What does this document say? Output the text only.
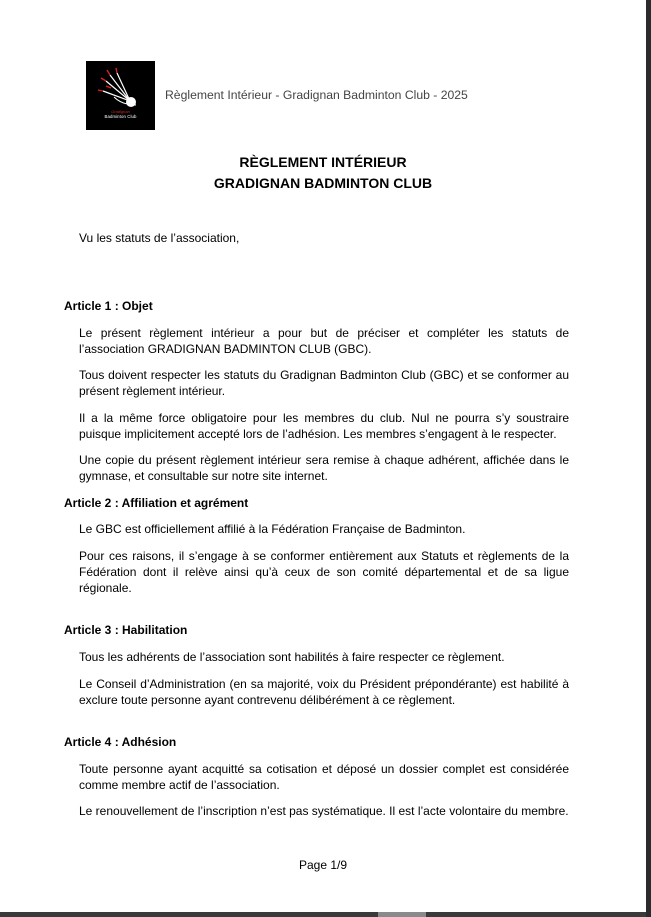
Gradignan
Badminton Club
Règlement Intérieur - Gradignan Badminton Club - 2025
RÈGLEMENT INTÉRIEUR
GRADIGNAN BADMINTON CLUB

Vu les statuts de l’association,

Article 1 : Objet

Le présent règlement intérieur a pour but de préciser et compléter les statuts de l’association GRADIGNAN BADMINTON CLUB (GBC).

Tous doivent respecter les statuts du Gradignan Badminton Club (GBC) et se conformer au présent règlement intérieur.

Il a la même force obligatoire pour les membres du club. Nul ne pourra s’y soustraire puisque implicitement accepté lors de l’adhésion. Les membres s’engagent à le respecter.

Une copie du présent règlement intérieur sera remise à chaque adhérent, affichée dans le gymnase, et consultable sur notre site internet.

Article 2 : Affiliation et agrément

Le GBC est officiellement affilié à la Fédération Française de Badminton.

Pour ces raisons, il s’engage à se conformer entièrement aux Statuts et règlements de la Fédération dont il relève ainsi qu’à ceux de son comité départemental et de sa ligue régionale.

Article 3 : Habilitation

Tous les adhérents de l’association sont habilités à faire respecter ce règlement.

Le Conseil d’Administration (en sa majorité, voix du Président prépondérante) est habilité à exclure toute personne ayant contrevenu délibérément à ce règlement.

Article 4 : Adhésion

Toute personne ayant acquitté sa cotisation et déposé un dossier complet est considérée comme membre actif de l’association.

Le renouvellement de l’inscription n’est pas systématique. Il est l’acte volontaire du membre.

Page 1/9
